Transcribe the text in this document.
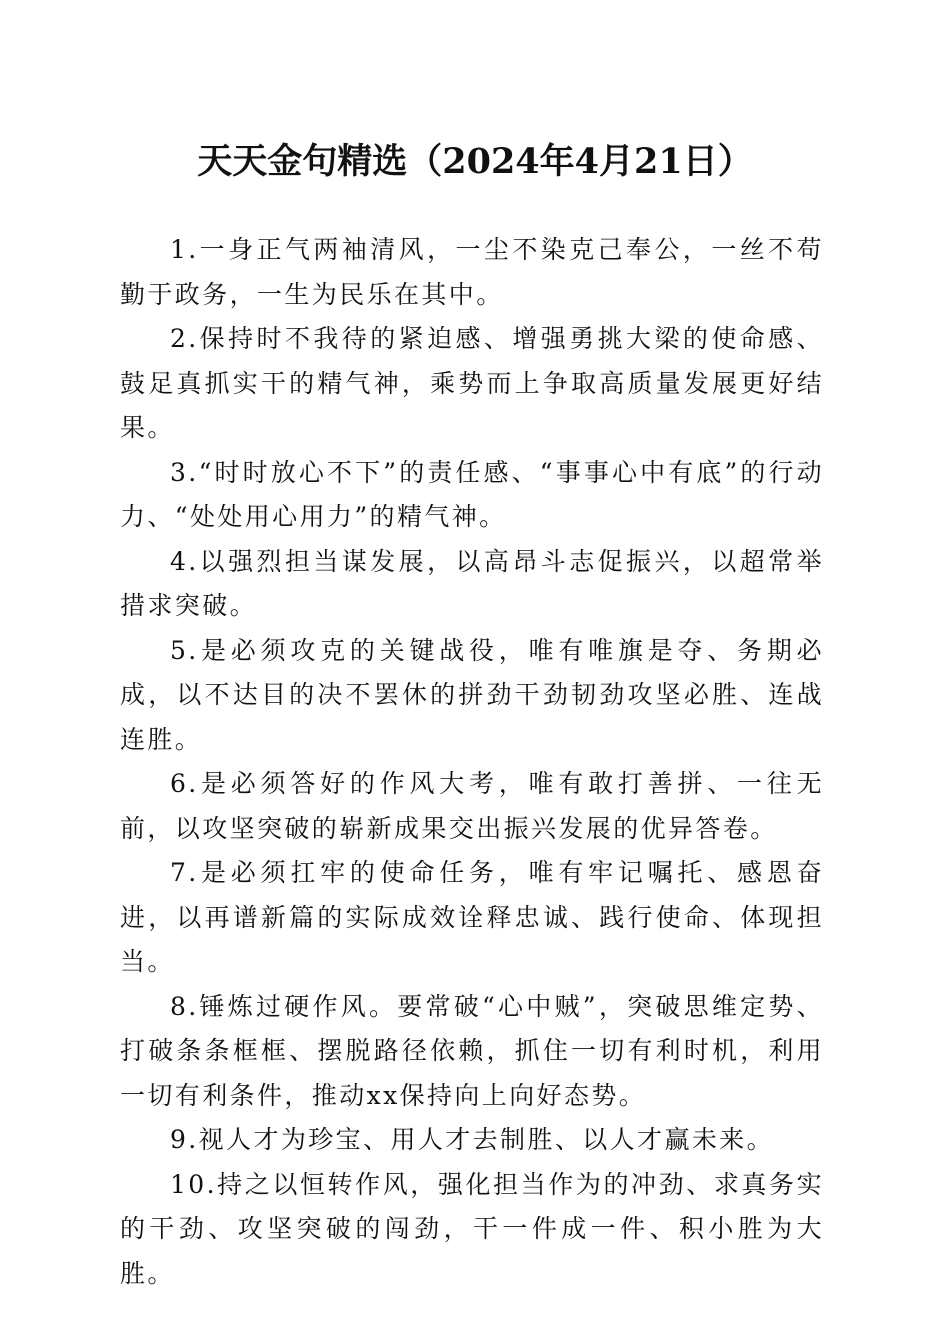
天天金句精选（2024年4月21日）

1.一身正气两袖清风，一尘不染克己奉公，一丝不苟勤于政务，一生为民乐在其中。

2.保持时不我待的紧迫感、增强勇挑大梁的使命感、鼓足真抓实干的精气神，乘势而上争取高质量发展更好结果。

3.“时时放心不下”的责任感、“事事心中有底”的行动力、“处处用心用力”的精气神。

4.以强烈担当谋发展，以高昂斗志促振兴，以超常举措求突破。

5.是必须攻克的关键战役，唯有唯旗是夺、务期必成，以不达目的决不罢休的拼劲干劲韧劲攻坚必胜、连战连胜。

6.是必须答好的作风大考，唯有敢打善拼、一往无前，以攻坚突破的崭新成果交出振兴发展的优异答卷。

7.是必须扛牢的使命任务，唯有牢记嘱托、感恩奋进，以再谱新篇的实际成效诠释忠诚、践行使命、体现担当。

8.锤炼过硬作风。要常破“心中贼”，突破思维定势、打破条条框框、摆脱路径依赖，抓住一切有利时机，利用一切有利条件，推动xx保持向上向好态势。

9.视人才为珍宝、用人才去制胜、以人才赢未来。

10.持之以恒转作风，强化担当作为的冲劲、求真务实的干劲、攻坚突破的闯劲，干一件成一件、积小胜为大胜。
